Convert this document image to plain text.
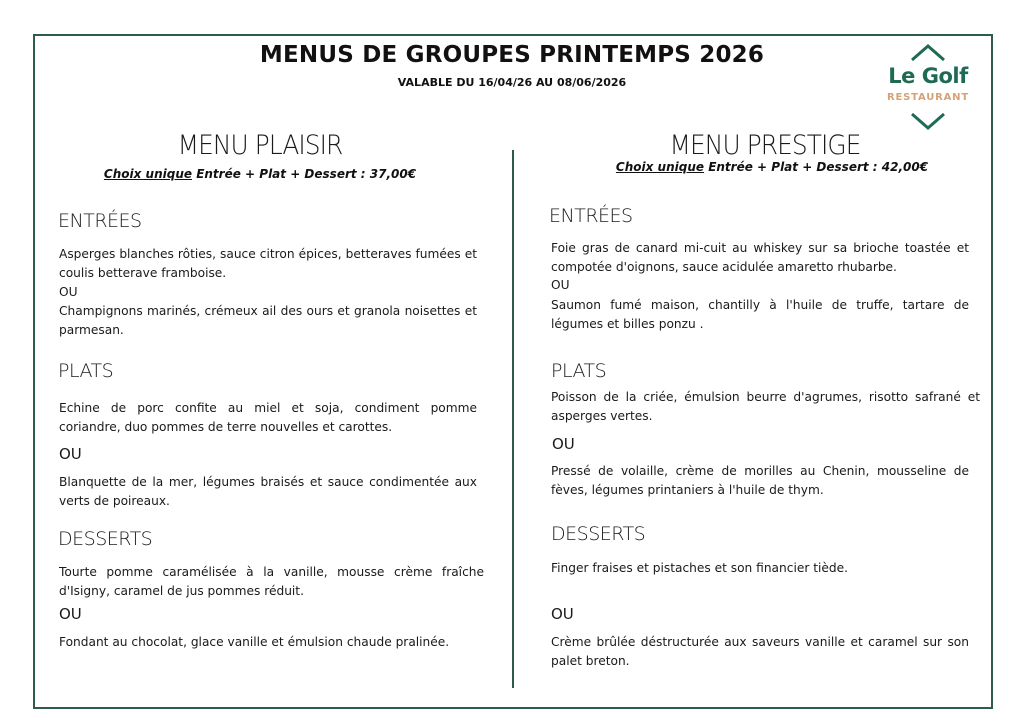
MENUS DE GROUPES PRINTEMPS 2026
VALABLE DU 16/04/26 AU 08/06/2026	Le Golf
RESTAURANT
MENU PLAISIR
Choix unique Entrée + Plat + Dessert : 37,00€
ENTRÉES
Asperges blanches rôties, sauce citron épices, betteraves fumées et coulis betterave framboise.
OU
Champignons marinés, crémeux ail des ours et granola noisettes et parmesan.
PLATS
Echine de porc confite au miel et soja, condiment pomme coriandre, duo pommes de terre nouvelles et carottes.
OU
Blanquette de la mer, légumes braisés et sauce condimentée aux verts de poireaux.
DESSERTS
Tourte pomme caramélisée à la vanille, mousse crème fraîche d'Isigny, caramel de jus pommes réduit.
OU
Fondant au chocolat, glace vanille et émulsion chaude pralinée.
MENU PRESTIGE
Choix unique Entrée + Plat + Dessert : 42,00€
ENTRÉES
Foie gras de canard mi-cuit au whiskey sur sa brioche toastée et compotée d'oignons, sauce acidulée amaretto rhubarbe.
OU
Saumon fumé maison, chantilly à l'huile de truffe, tartare de légumes et billes ponzu .
PLATS
Poisson de la criée, émulsion beurre d'agrumes, risotto safrané et asperges vertes.
OU
Pressé de volaille, crème de morilles au Chenin, mousseline de fèves, légumes printaniers à l'huile de thym.
DESSERTS
Finger fraises et pistaches et son financier tiède.
OU
Crème brûlée déstructurée aux saveurs vanille et caramel sur son palet breton.
